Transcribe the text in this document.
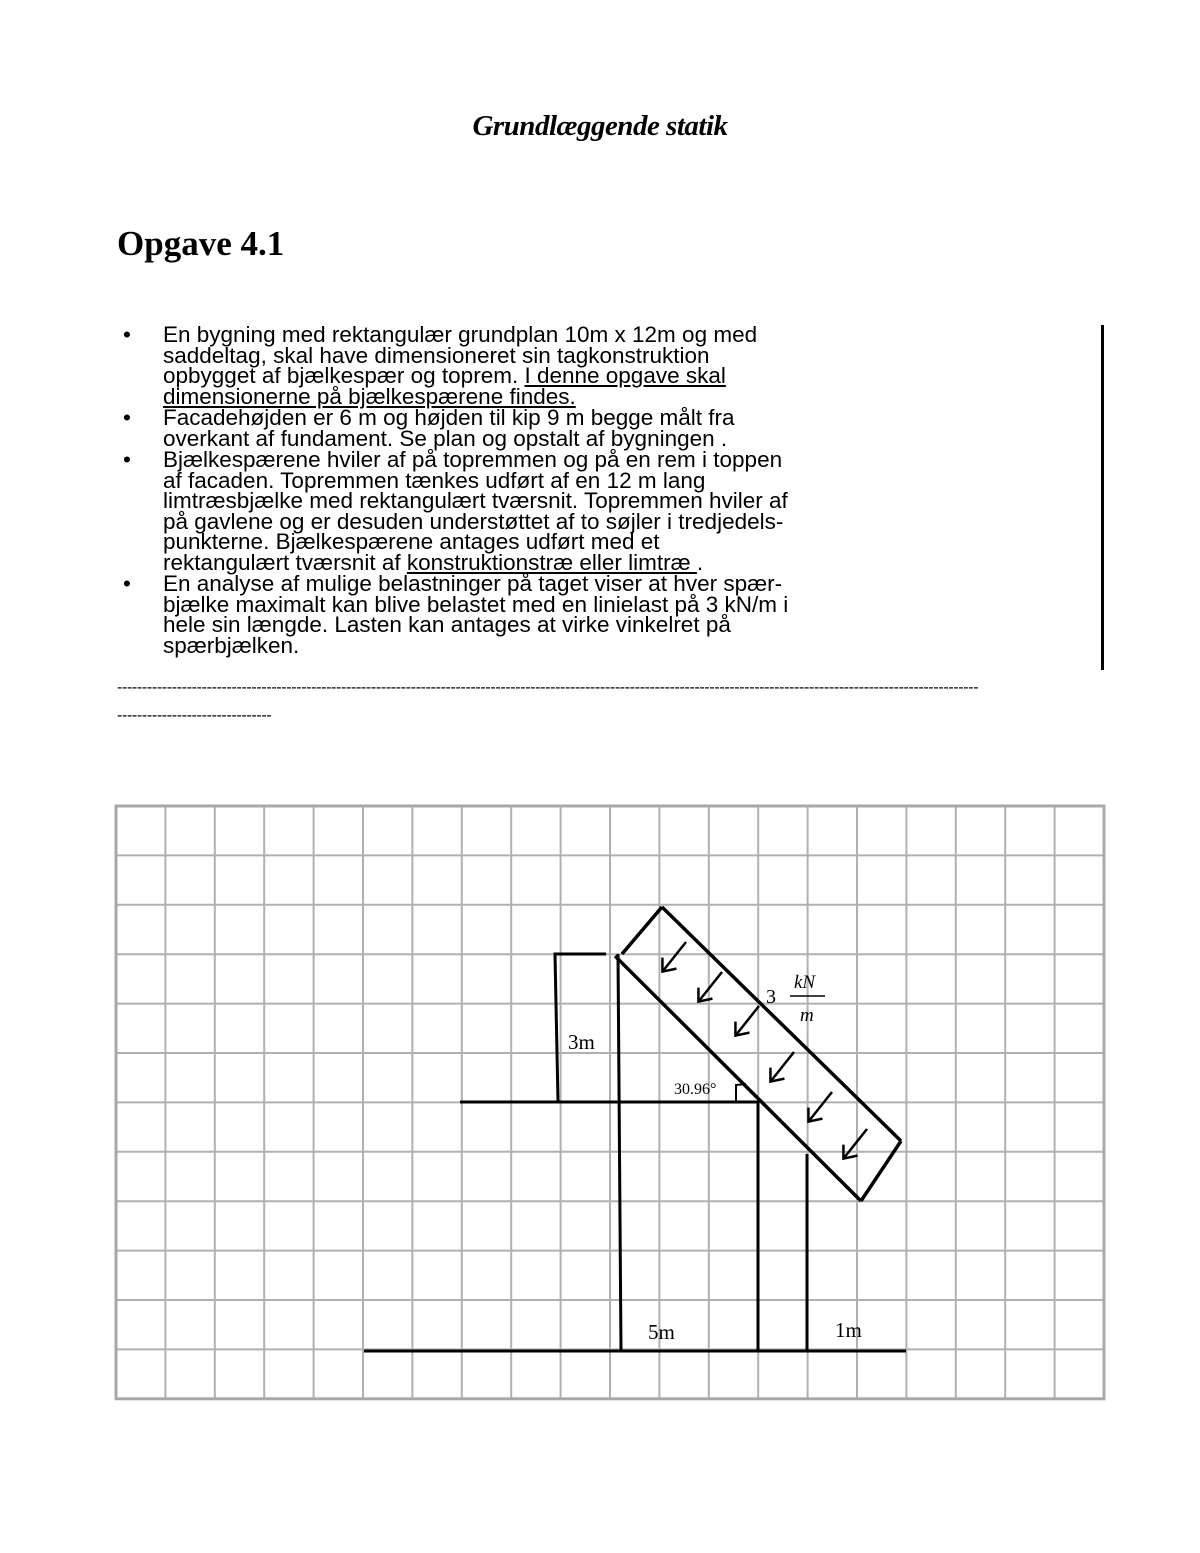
Grundlæggende statik
Opgave 4.1
• En bygning med rektangulær grundplan 10m x 12m og med
saddeltag, skal have dimensioneret sin tagkonstruktion
opbygget af bjælkespær og toprem. I denne opgave skal
dimensionerne på bjælkespærene findes.
• Facadehøjden er 6 m og højden til kip 9 m begge målt fra
overkant af fundament. Se plan og opstalt af bygningen .
• Bjælkespærene hviler af på topremmen og på en rem i toppen
af facaden. Topremmen tænkes udført af en 12 m lang
limtræsbjælke med rektangulært tværsnit. Topremmen hviler af
på gavlene og er desuden understøttet af to søjler i tredjedels-
punkterne. Bjælkespærene antages udført med et
rektangulært tværsnit af konstruktionstræ eller limtræ .
• En analyse af mulige belastninger på taget viser at hver spær-
bjælke maximalt kan blive belastet med en linielast på 3 kN/m i
hele sin længde. Lasten kan antages at virke vinkelret på
spærbjælken.
-----------------------------------------------------------------------------------------------------------------------------------------------------------------------------
-------------------------------
3m
30.96°
3
kN
m
5m	1m
